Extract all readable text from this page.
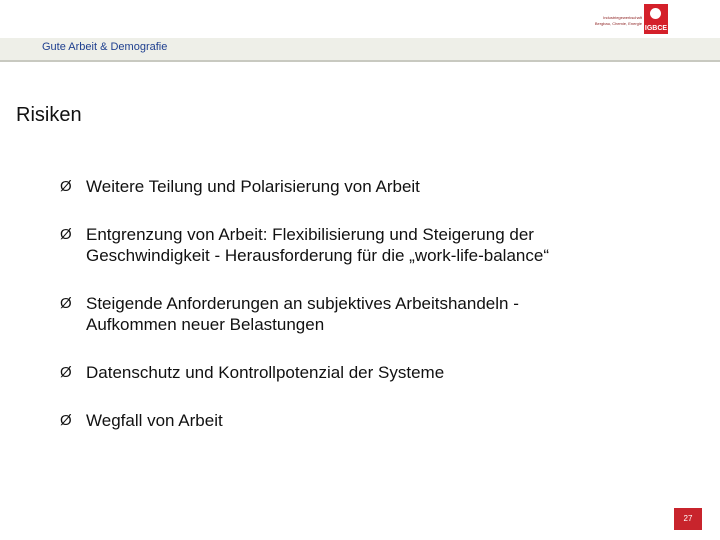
Gute Arbeit & Demografie
Industriegewerkschaft
Bergbau, Chemie, Energie
IGBCE
Risiken
Ø Weitere Teilung und Polarisierung von Arbeit
Ø Entgrenzung von Arbeit: Flexibilisierung und Steigerung der
Geschwindigkeit - Herausforderung für die „work-life-balance“
Ø Steigende Anforderungen an subjektives Arbeitshandeln -
Aufkommen neuer Belastungen
Ø Datenschutz und Kontrollpotenzial der Systeme
Ø Wegfall von Arbeit
27
